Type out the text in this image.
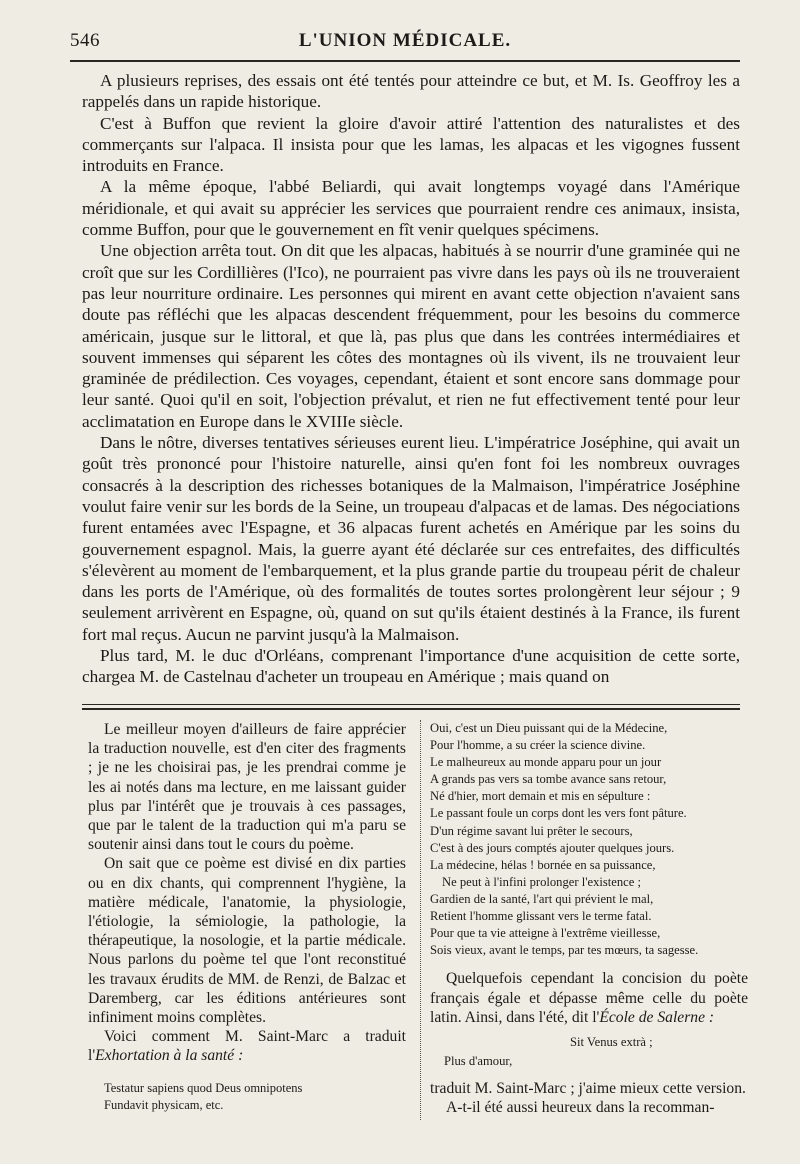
546	L'UNION MÉDICALE.

A plusieurs reprises, des essais ont été tentés pour atteindre ce but, et M. Is. Geoffroy les a rappelés dans un rapide historique.

C'est à Buffon que revient la gloire d'avoir attiré l'attention des naturalistes et des commerçants sur l'alpaca. Il insista pour que les lamas, les alpacas et les vigognes fussent introduits en France.

A la même époque, l'abbé Beliardi, qui avait longtemps voyagé dans l'Amérique méridionale, et qui avait su apprécier les services que pourraient rendre ces animaux, insista, comme Buffon, pour que le gouvernement en fît venir quelques spécimens.

Une objection arrêta tout. On dit que les alpacas, habitués à se nourrir d'une graminée qui ne croît que sur les Cordillières (l'Ico), ne pourraient pas vivre dans les pays où ils ne trouveraient pas leur nourriture ordinaire. Les personnes qui mirent en avant cette objection n'avaient sans doute pas réfléchi que les alpacas descendent fréquemment, pour les besoins du commerce américain, jusque sur le littoral, et que là, pas plus que dans les contrées intermédiaires et souvent immenses qui séparent les côtes des montagnes où ils vivent, ils ne trouvaient leur graminée de prédilection. Ces voyages, cependant, étaient et sont encore sans dommage pour leur santé. Quoi qu'il en soit, l'objection prévalut, et rien ne fut effectivement tenté pour leur acclimatation en Europe dans le XVIIIe siècle.

Dans le nôtre, diverses tentatives sérieuses eurent lieu. L'impératrice Joséphine, qui avait un goût très prononcé pour l'histoire naturelle, ainsi qu'en font foi les nombreux ouvrages consacrés à la description des richesses botaniques de la Malmaison, l'impératrice Joséphine voulut faire venir sur les bords de la Seine, un troupeau d'alpacas et de lamas. Des négociations furent entamées avec l'Espagne, et 36 alpacas furent achetés en Amérique par les soins du gouvernement espagnol. Mais, la guerre ayant été déclarée sur ces entrefaites, des difficultés s'élevèrent au moment de l'embarquement, et la plus grande partie du troupeau périt de chaleur dans les ports de l'Amérique, où des formalités de toutes sortes prolongèrent leur séjour ; 9 seulement arrivèrent en Espagne, où, quand on sut qu'ils étaient destinés à la France, ils furent fort mal reçus. Aucun ne parvint jusqu'à la Malmaison.

Plus tard, M. le duc d'Orléans, comprenant l'importance d'une acquisition de cette sorte, chargea M. de Castelnau d'acheter un troupeau en Amérique ; mais quand on

Le meilleur moyen d'ailleurs de faire apprécier la traduction nouvelle, est d'en citer des fragments ; je ne les choisirai pas, je les prendrai comme je les ai notés dans ma lecture, en me laissant guider plus par l'intérêt que je trouvais à ces passages, que par le talent de la traduction qui m'a paru se soutenir ainsi dans tout le cours du poème.

On sait que ce poème est divisé en dix parties ou en dix chants, qui comprennent l'hygiène, la matière médicale, l'anatomie, la physiologie, l'étiologie, la sémiologie, la pathologie, la thérapeutique, la nosologie, et la partie médicale. Nous parlons du poème tel que l'ont reconstitué les travaux érudits de MM. de Renzi, de Balzac et Daremberg, car les éditions antérieures sont infiniment moins complètes.

Voici comment M. Saint-Marc a traduit l'Exhortation à la santé :

Testatur sapiens quod Deus omnipotens
Fundavit physicam, etc.
Oui, c'est un Dieu puissant qui de la Médecine,
Pour l'homme, a su créer la science divine.
Le malheureux au monde apparu pour un jour
A grands pas vers sa tombe avance sans retour,
Né d'hier, mort demain et mis en sépulture :
Le passant foule un corps dont les vers font pâture.
D'un régime savant lui prêter le secours,
C'est à des jours comptés ajouter quelques jours.
La médecine, hélas ! bornée en sa puissance,
Ne peut à l'infini prolonger l'existence ;
Gardien de la santé, l'art qui prévient le mal,
Retient l'homme glissant vers le terme fatal.
Pour que ta vie atteigne à l'extrême vieillesse,
Sois vieux, avant le temps, par tes mœurs, ta sagesse.

Quelquefois cependant la concision du poète français égale et dépasse même celle du poète latin. Ainsi, dans l'été, dit l'École de Salerne :

Sit Venus extrà ;
Plus d'amour,
traduit M. Saint-Marc ; j'aime mieux cette version.
A-t-il été aussi heureux dans la recomman-
